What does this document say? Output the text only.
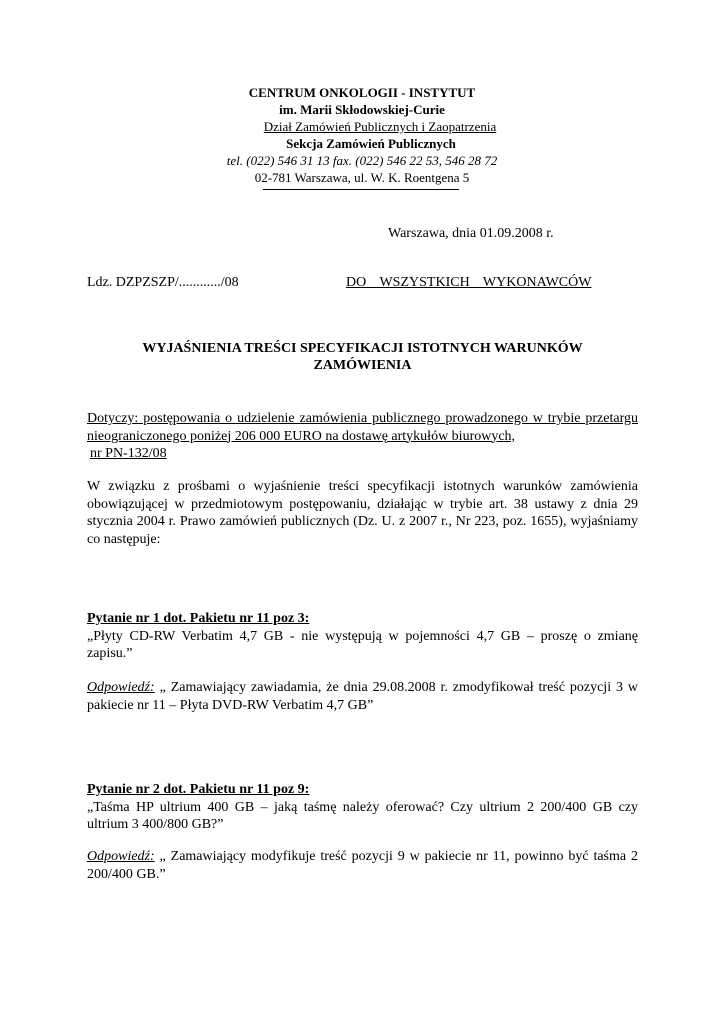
CENTRUM ONKOLOGII - INSTYTUT
im. Marii Skłodowskiej-Curie
Dział Zamówień Publicznych i Zaopatrzenia
Sekcja Zamówień Publicznych
tel. (022) 546 31 13 fax. (022) 546 22 53, 546 28 72
02-781 Warszawa, ul. W. K. Roentgena 5
Warszawa, dnia 01.09.2008 r.
Ldz. DZPZSZP/............/08	DO WSZYSTKICH WYKONAWCÓW
WYJAŚNIENIA TREŚCI SPECYFIKACJI ISTOTNYCH WARUNKÓW
ZAMÓWIENIA
Dotyczy: postępowania o udzielenie zamówienia publicznego prowadzonego w trybie przetargu nieograniczonego poniżej 206 000 EURO na dostawę artykułów biurowych,
nr PN-132/08
W związku z prośbami o wyjaśnienie treści specyfikacji istotnych warunków zamówienia obowiązującej w przedmiotowym postępowaniu, działając w trybie art. 38 ustawy z dnia 29 stycznia 2004 r. Prawo zamówień publicznych (Dz. U. z 2007 r., Nr 223, poz. 1655), wyjaśniamy co następuje:
Pytanie nr 1 dot. Pakietu nr 11 poz 3:
„Płyty CD-RW Verbatim 4,7 GB - nie występują w pojemności 4,7 GB – proszę o zmianę zapisu.”
Odpowiedź: „ Zamawiający zawiadamia, że dnia 29.08.2008 r. zmodyfikował treść pozycji 3 w pakiecie nr 11 – Płyta DVD-RW Verbatim 4,7 GB”
Pytanie nr 2 dot. Pakietu nr 11 poz 9:
„Taśma HP ultrium 400 GB – jaką taśmę należy oferować? Czy ultrium 2 200/400 GB czy ultrium 3 400/800 GB?”
Odpowiedź: „ Zamawiający modyfikuje treść pozycji 9 w pakiecie nr 11, powinno być taśma 2 200/400 GB.”
